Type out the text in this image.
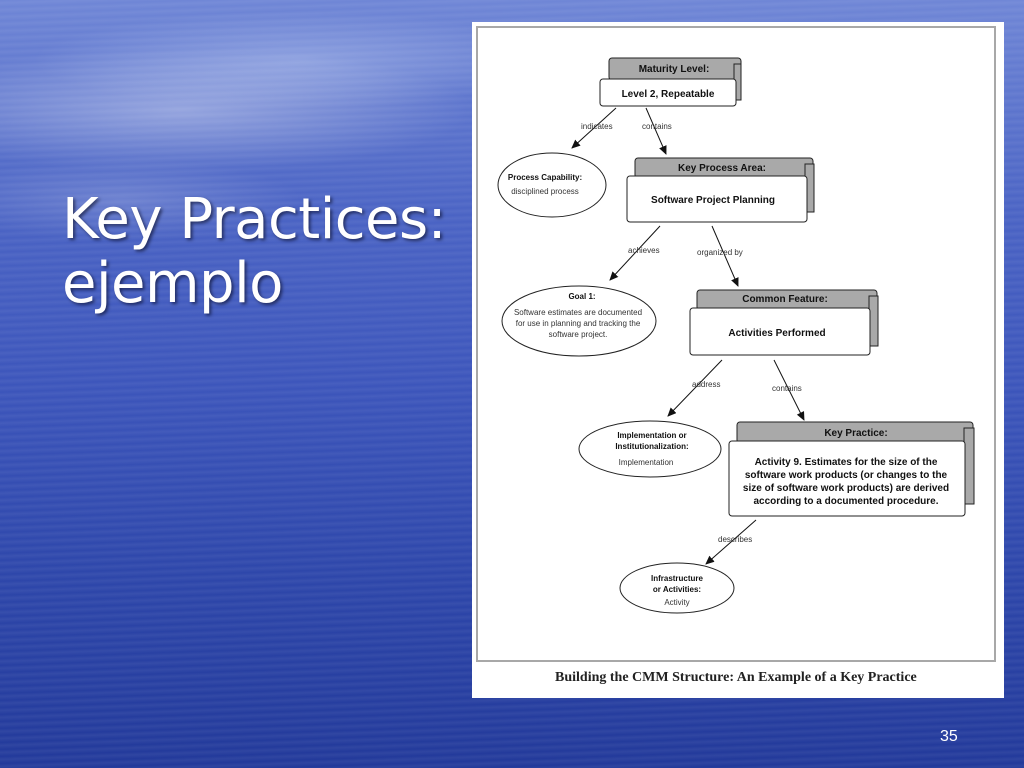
Key Practices:
ejemplo
Maturity Level:
Level 2, Repeatable
indicates	contains
Process Capability:
disciplined process
Key Process Area:
Software Project Planning
achieves	organized by
Goal 1:
Software estimates are documented
for use in planning and tracking the
software project.
Common Feature:
Activities Performed
address	contains
Implementation or
Institutionalization:
Implementation
Key Practice:
Activity 9. Estimates for the size of the
software work products (or changes to the
size of software work products) are derived
according to a documented procedure.
describes
Infrastructure
or Activities:
Activity
Building the CMM Structure: An Example of a Key Practice
35
